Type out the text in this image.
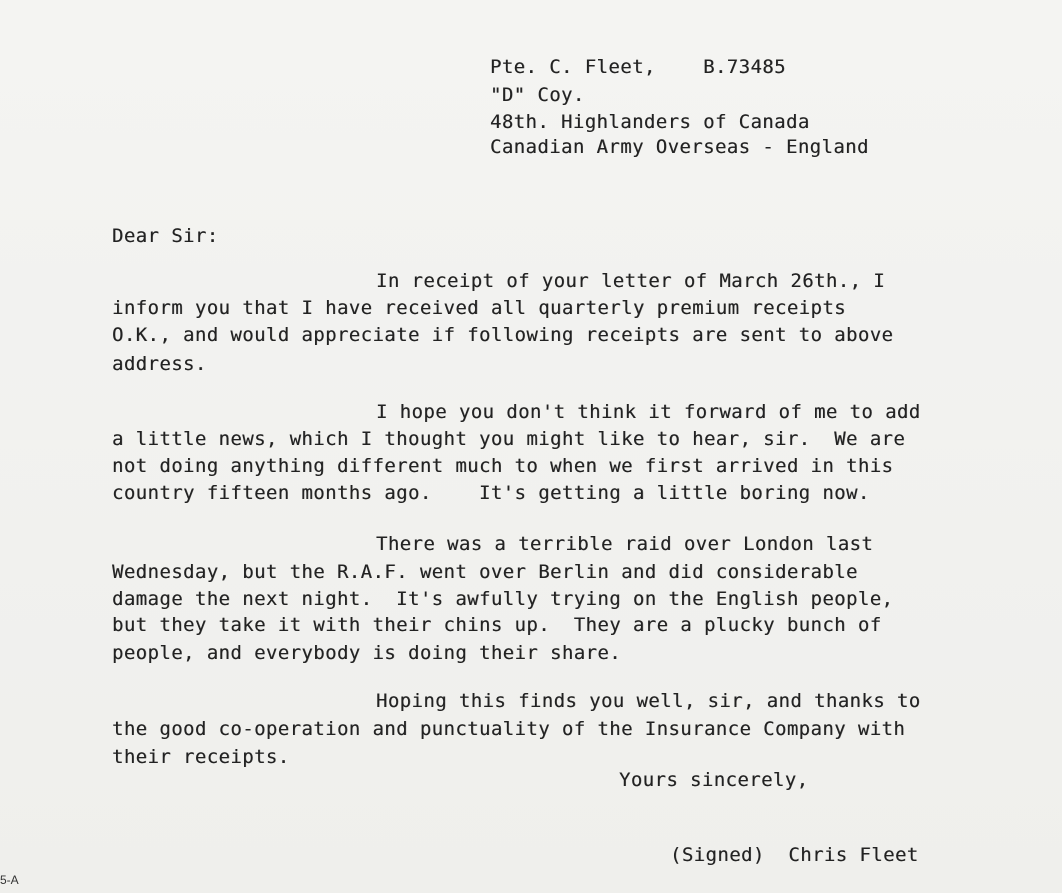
Pte. C. Fleet,    B.73485
"D" Coy.
48th. Highlanders of Canada
Canadian Army Overseas - England
Dear Sir:
In receipt of your letter of March 26th., I
inform you that I have received all quarterly premium receipts
O.K., and would appreciate if following receipts are sent to above
address.
I hope you don't think it forward of me to add
a little news, which I thought you might like to hear, sir.  We are
not doing anything different much to when we first arrived in this
country fifteen months ago.    It's getting a little boring now.
There was a terrible raid over London last
Wednesday, but the R.A.F. went over Berlin and did considerable
damage the next night.  It's awfully trying on the English people,
but they take it with their chins up.  They are a plucky bunch of
people, and everybody is doing their share.
Hoping this finds you well, sir, and thanks to
the good co-operation and punctuality of the Insurance Company with
their receipts.
Yours sincerely,
(Signed)  Chris Fleet
5-A
